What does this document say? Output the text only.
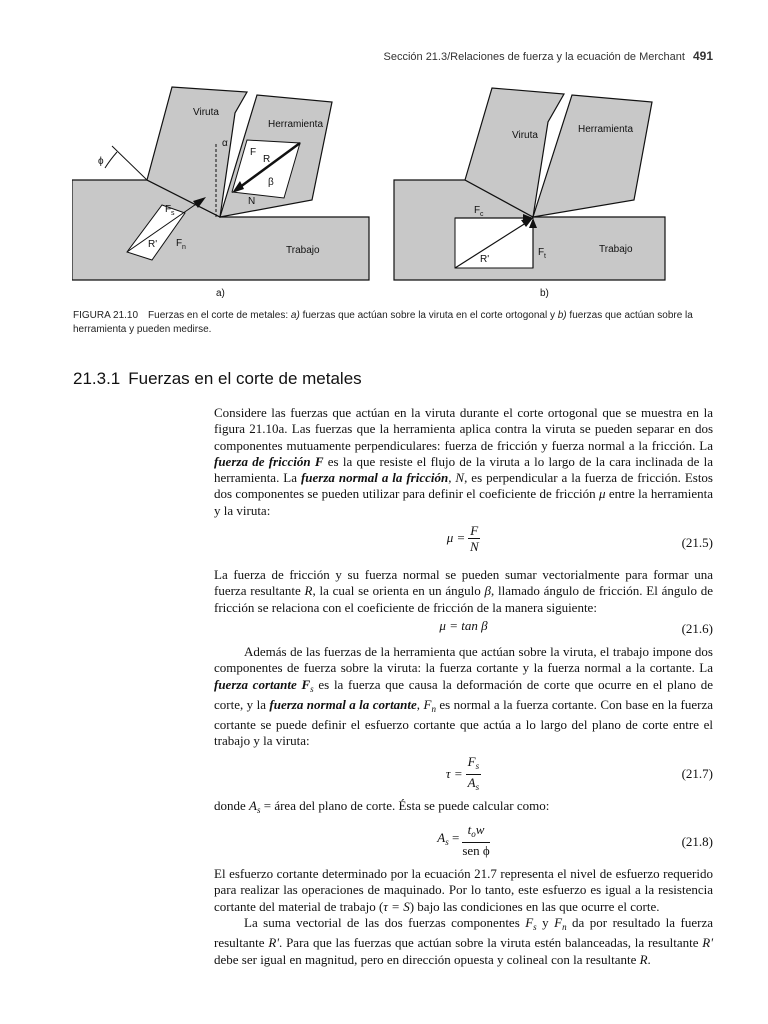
Sección 21.3/Relaciones de fuerza y la ecuación de Merchant 491
ϕ
Viruta
Herramienta
Trabajo
α
F
R
β
N
F s
F n
R'
a)
Viruta
Herramienta
Trabajo
F c
F t
R'
b)
FIGURA 21.10 Fuerzas en el corte de metales: a) fuerzas que actúan sobre la viruta en el corte ortogonal y b) fuerzas que actúan sobre la herramienta y pueden medirse.
21.3.1 Fuerzas en el corte de metales

Considere las fuerzas que actúan en la viruta durante el corte ortogonal que se muestra en la figura 21.10a. Las fuerzas que la herramienta aplica contra la viruta se pueden separar en dos componentes mutuamente perpendiculares: fuerza de fricción y fuerza normal a la fricción. La fuerza de fricción F es la que resiste el flujo de la viruta a lo largo de la cara inclinada de la herramienta. La fuerza normal a la fricción, N, es perpendicular a la fuerza de fricción. Estos dos componentes se pueden utilizar para definir el coeficiente de fricción μ entre la herramienta y la viruta:

$\mu = \frac{F}{N}$	(21.5)

La fuerza de fricción y su fuerza normal se pueden sumar vectorialmente para formar una fuerza resultante R, la cual se orienta en un ángulo β, llamado ángulo de fricción. El ángulo de fricción se relaciona con el coeficiente de fricción de la manera siguiente:

μ = tan β	(21.6)

Además de las fuerzas de la herramienta que actúan sobre la viruta, el trabajo impone dos componentes de fuerza sobre la viruta: la fuerza cortante y la fuerza normal a la cortante. La fuerza cortante $F_s$ es la fuerza que causa la deformación de corte que ocurre en el plano de corte, y la fuerza normal a la cortante, $F_n$ es normal a la fuerza cortante. Con base en la fuerza cortante se puede definir el esfuerzo cortante que actúa a lo largo del plano de corte entre el trabajo y la viruta:

$\tau = \frac{F_s}{A_s}$	(21.7)

donde $A_s$ = área del plano de corte. Ésta se puede calcular como:

$A_s = \frac{t_ow}{\text{sen ϕ}}$	(21.8)

El esfuerzo cortante determinado por la ecuación 21.7 representa el nivel de esfuerzo requerido para realizar las operaciones de maquinado. Por lo tanto, este esfuerzo es igual a la resistencia cortante del material de trabajo (τ = S) bajo las condiciones en las que ocurre el corte.

La suma vectorial de las dos fuerzas componentes $F_s$ y $F_n$ da por resultado la fuerza resultante R'. Para que las fuerzas que actúan sobre la viruta estén balanceadas, la resultante R' debe ser igual en magnitud, pero en dirección opuesta y colineal con la resultante R.
